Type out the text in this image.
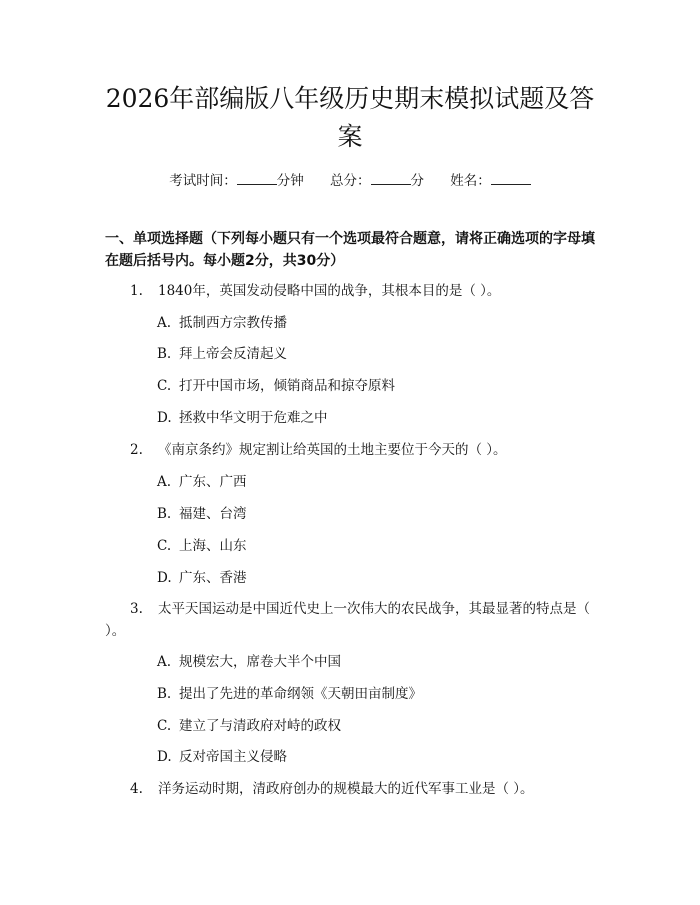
2026年部编版八年级历史期末模拟试题及答案
考试时间：	分钟 总分：	分 姓名：
一、单项选择题（下列每小题只有一个选项最符合题意，请将正确选项的字母填在题后括号内。每小题2分，共30分）
1. 1840年，英国发动侵略中国的战争，其根本目的是（ ）。
A. 抵制西方宗教传播
B. 拜上帝会反清起义
C. 打开中国市场，倾销商品和掠夺原料
D. 拯救中华文明于危难之中
2. 《南京条约》规定割让给英国的土地主要位于今天的（ ）。
A. 广东、广西
B. 福建、台湾
C. 上海、山东
D. 广东、香港
3. 太平天国运动是中国近代史上一次伟大的农民战争，其最显著的特点是（ ）。
A. 规模宏大，席卷大半个中国
B. 提出了先进的革命纲领《天朝田亩制度》
C. 建立了与清政府对峙的政权
D. 反对帝国主义侵略
4. 洋务运动时期，清政府创办的规模最大的近代军事工业是（ ）。
